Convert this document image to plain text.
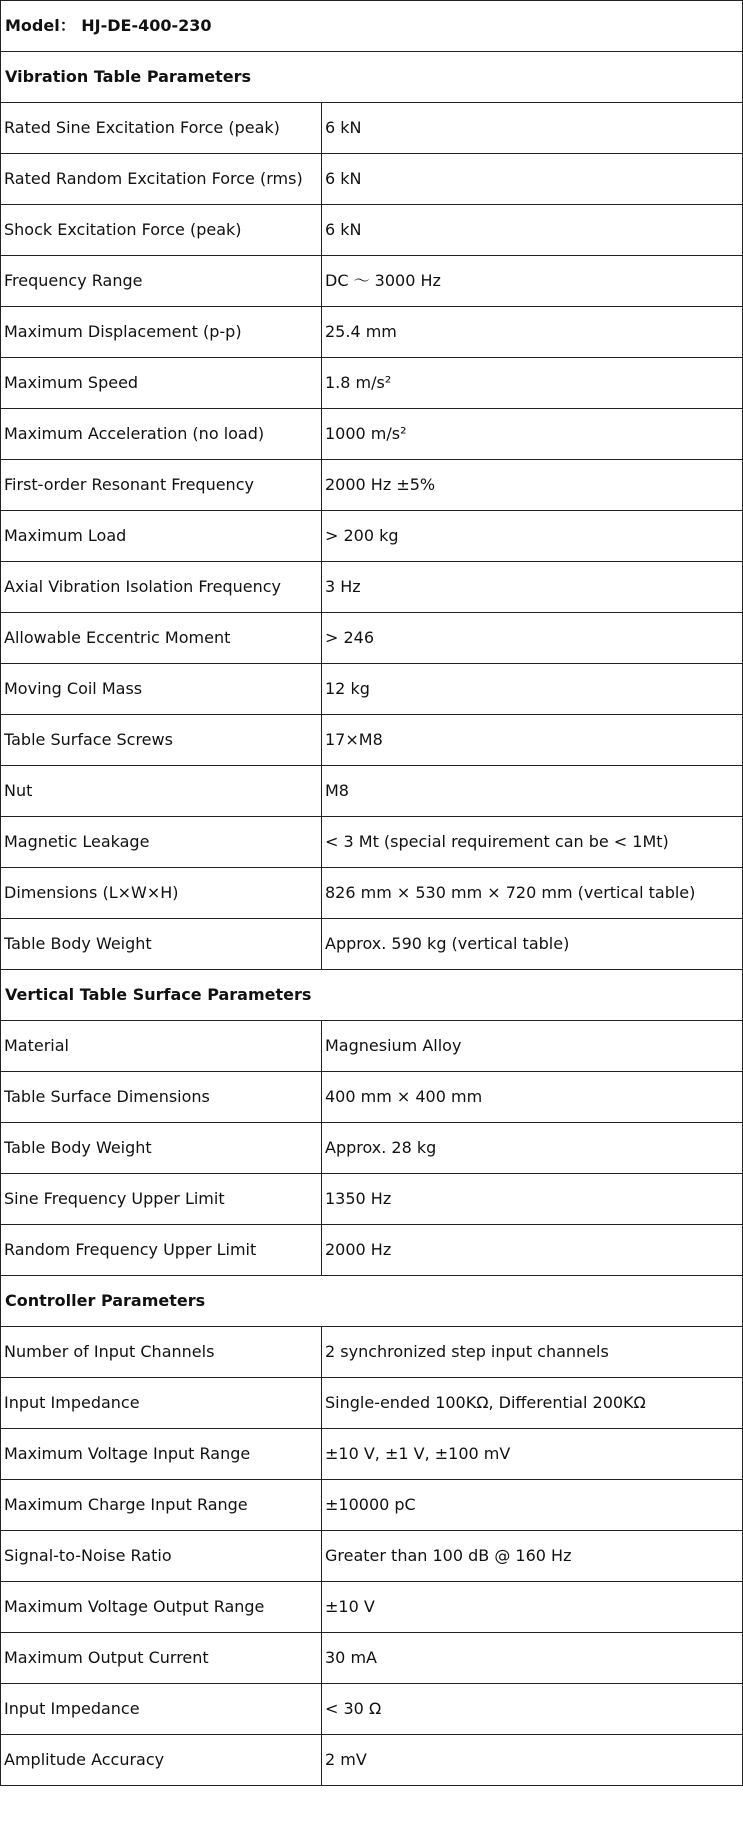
Model： HJ-DE-400-230	
Vibration Table Parameters	
Rated Sine Excitation Force (peak)	6 kN
Rated Random Excitation Force (rms)	6 kN
Shock Excitation Force (peak)	6 kN
Frequency Range	DC 〜 3000 Hz
Maximum Displacement (p-p)	25.4 mm
Maximum Speed	1.8 m/s²
Maximum Acceleration (no load)	1000 m/s²
First-order Resonant Frequency	2000 Hz ±5%
Maximum Load	> 200 kg
Axial Vibration Isolation Frequency	3 Hz
Allowable Eccentric Moment	> 246
Moving Coil Mass	12 kg
Table Surface Screws	17×M8
Nut	M8
Magnetic Leakage	< 3 Mt (special requirement can be < 1Mt)
Dimensions (L×W×H)	826 mm × 530 mm × 720 mm (vertical table)
Table Body Weight	Approx. 590 kg (vertical table)
Vertical Table Surface Parameters	
Material	Magnesium Alloy
Table Surface Dimensions	400 mm × 400 mm
Table Body Weight	Approx. 28 kg
Sine Frequency Upper Limit	1350 Hz
Random Frequency Upper Limit	2000 Hz
Controller Parameters	
Number of Input Channels	2 synchronized step input channels
Input Impedance	Single-ended 100KΩ, Differential 200KΩ
Maximum Voltage Input Range	±10 V, ±1 V, ±100 mV
Maximum Charge Input Range	±10000 pC
Signal-to-Noise Ratio	Greater than 100 dB @ 160 Hz
Maximum Voltage Output Range	±10 V
Maximum Output Current	30 mA
Input Impedance	< 30 Ω
Amplitude Accuracy	2 mV
